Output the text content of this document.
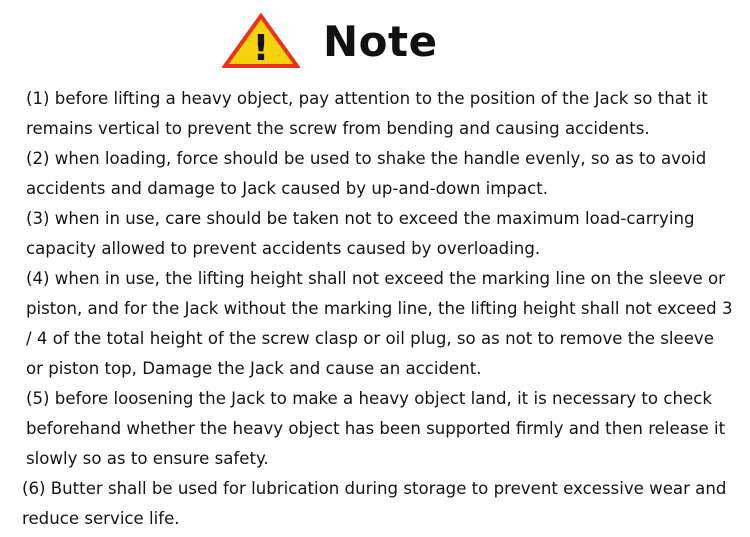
! Note
(1) before lifting a heavy object, pay attention to the position of the Jack so that it remains vertical to prevent the screw from bending and causing accidents.
(2) when loading, force should be used to shake the handle evenly, so as to avoid accidents and damage to Jack caused by up-and-down impact.
(3) when in use, care should be taken not to exceed the maximum load-carrying capacity allowed to prevent accidents caused by overloading.
(4) when in use, the lifting height shall not exceed the marking line on the sleeve or piston, and for the Jack without the marking line, the lifting height shall not exceed 3 / 4 of the total height of the screw clasp or oil plug, so as not to remove the sleeve or piston top, Damage the Jack and cause an accident.
(5) before loosening the Jack to make a heavy object land, it is necessary to check beforehand whether the heavy object has been supported firmly and then release it slowly so as to ensure safety.
(6) Butter shall be used for lubrication during storage to prevent excessive wear and reduce service life.
